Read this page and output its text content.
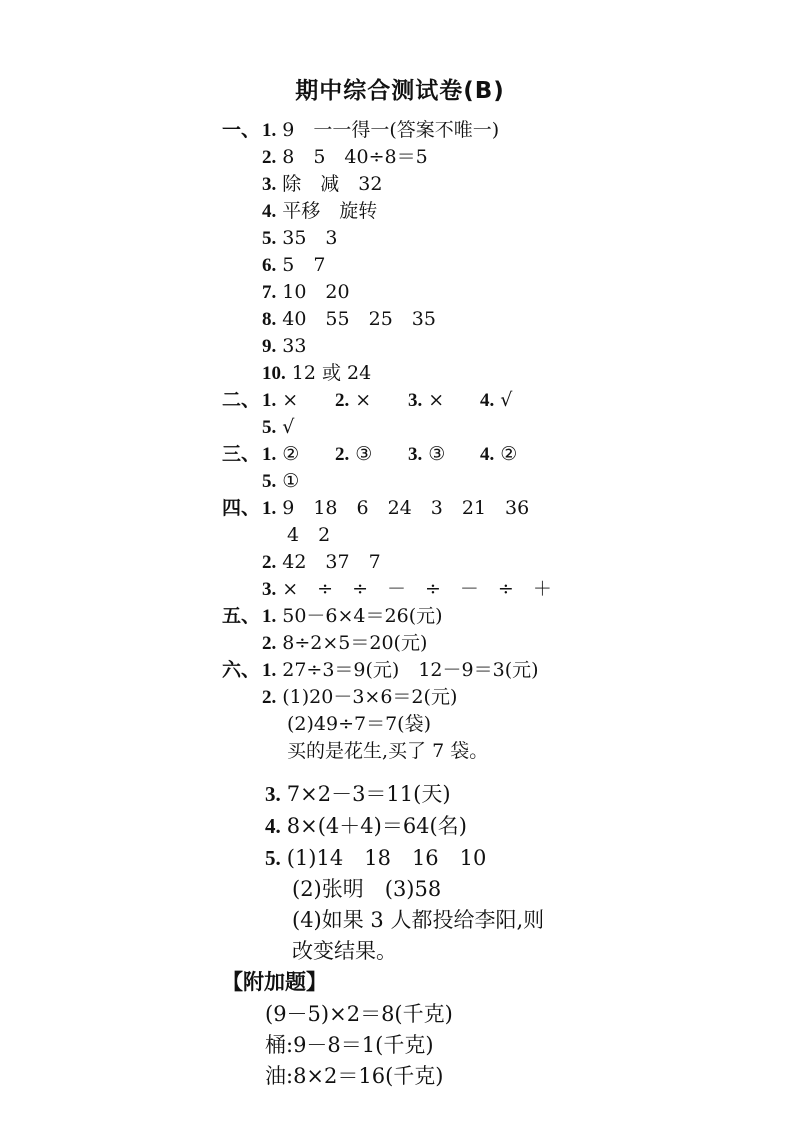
期中综合测试卷(B)
一、 1. 9　一一得一(答案不唯一)
2. 8　5　40÷8＝5
3. 除　减　32
4. 平移　旋转
5. 35　3
6. 5　7
7. 10　20
8. 40　55　25　35
9. 33
10. 12 或 24
二、 1. × 2. × 3. × 4. √
5. √
三、 1. ② 2. ③ 3. ③ 4. ②
5. ①
四、 1. 9　18　6　24　3　21　36
4　2
2. 42　37　7
3. ×　÷　÷　－　÷　－　÷　＋
五、 1. 50－6×4＝26(元)
2. 8÷2×5＝20(元)
六、 1. 27÷3＝9(元)　12－9＝3(元)
2. (1)20－3×6＝2(元)
(2)49÷7＝7(袋)
买的是花生,买了 7 袋。
3. 7×2－3＝11(天)
4. 8×(4＋4)＝64(名)
5. (1)14　18　16　10
(2)张明　(3)58
(4)如果 3 人都投给李阳,则
改变结果。
【附加题】
(9－5)×2＝8(千克)
桶:9－8＝1(千克)
油:8×2＝16(千克)
